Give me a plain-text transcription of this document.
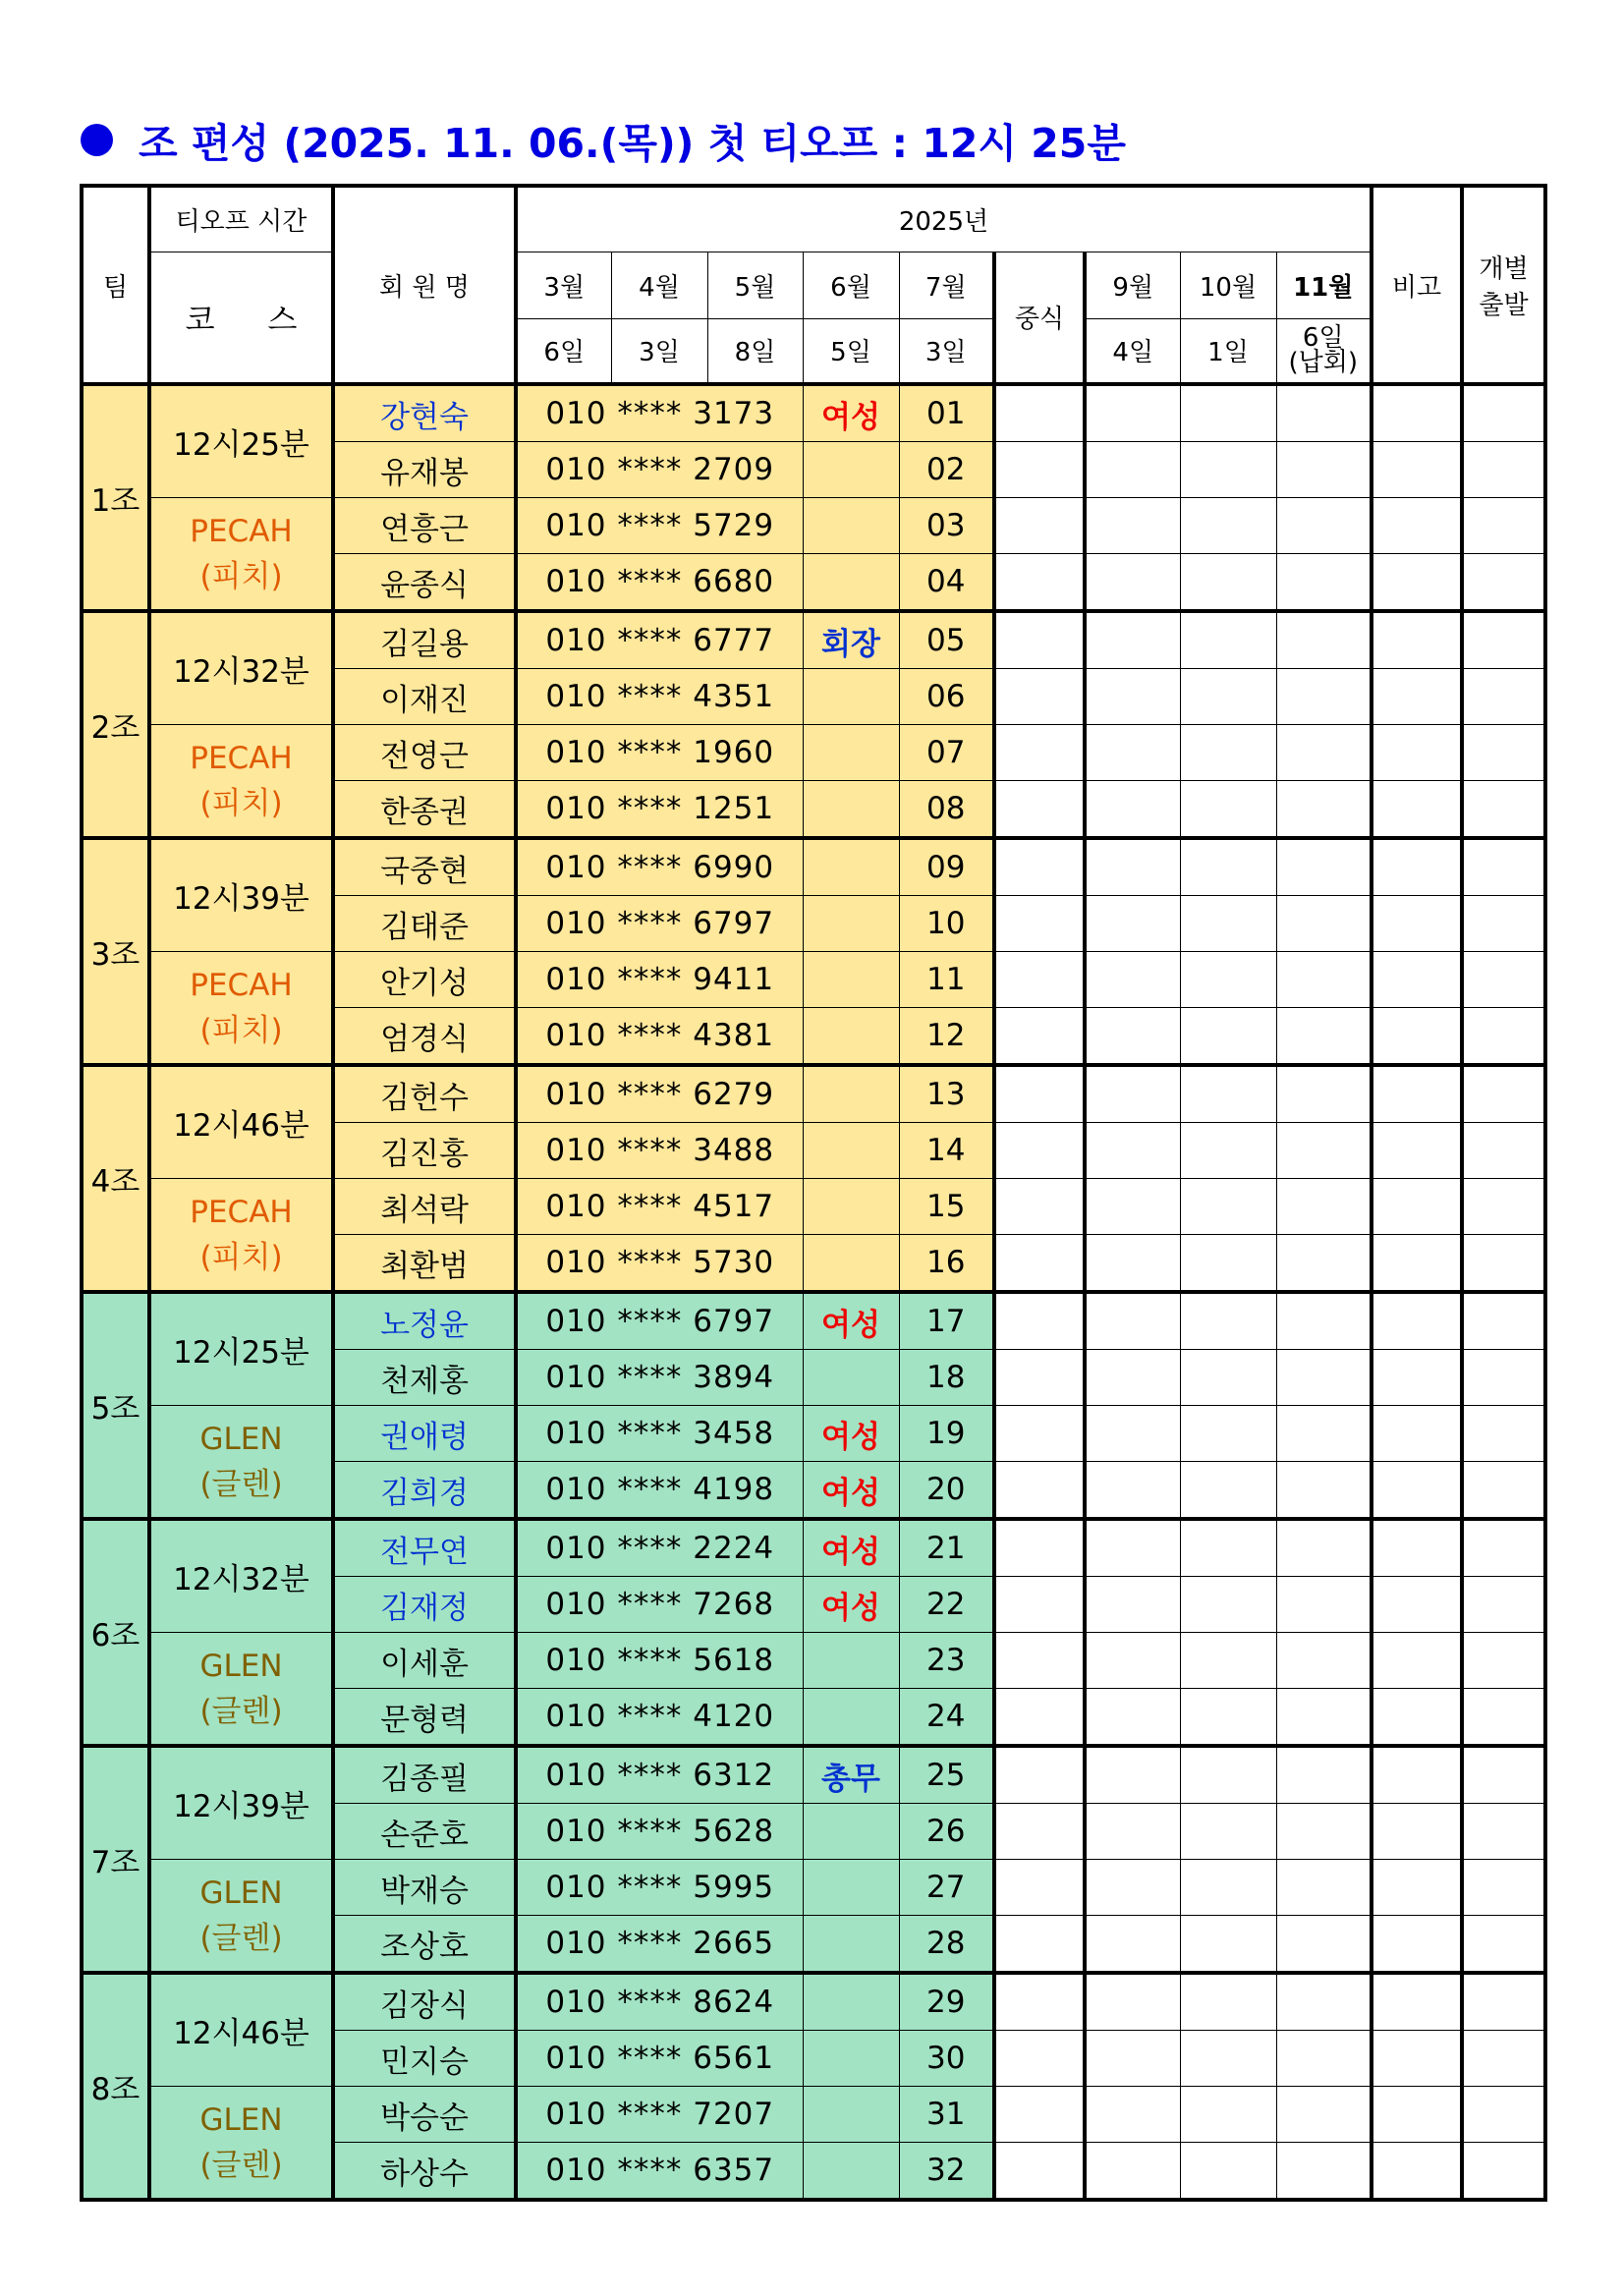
조 편성 (2025. 11. 06.(목)) 첫 티오프 : 12시 25분
팀	티오프 시간	회 원 명	2025년									비고	개별
출발

	코 스		3월	4월	5월	6월	7월	중식	9월	10월	11월		
			6일	3일	8일	5일	3일		4일	1일	6일
(납회)		

1조	12시25분	강현숙	010 **** 3173			여성	01						
		유재봉	010 **** 2709				02						

	PECAH
(피치)	연흥근	010 **** 5729				03						
		윤종식	010 **** 6680				04						
2조	12시32분	김길용	010 **** 6777			회장	05						
		이재진	010 **** 4351				06						

	PECAH
(피치)	전영근	010 **** 1960				07						
		한종권	010 **** 1251				08						
3조	12시39분	국중현	010 **** 6990				09						
		김태준	010 **** 6797				10						

	PECAH
(피치)	안기성	010 **** 9411				11						
		엄경식	010 **** 4381				12						
4조	12시46분	김헌수	010 **** 6279				13						
		김진홍	010 **** 3488				14						

	PECAH
(피치)	최석락	010 **** 4517				15						
		최환범	010 **** 5730				16						
5조	12시25분	노정윤	010 **** 6797			여성	17						
		천제홍	010 **** 3894				18						

	GLEN
(글렌)	권애령	010 **** 3458			여성	19						
		김희경	010 **** 4198			여성	20						
6조	12시32분	전무연	010 **** 2224			여성	21						
		김재정	010 **** 7268			여성	22						

	GLEN
(글렌)	이세훈	010 **** 5618				23						
		문형력	010 **** 4120				24						
7조	12시39분	김종필	010 **** 6312			총무	25						
		손준호	010 **** 5628				26						

	GLEN
(글렌)	박재승	010 **** 5995				27						
		조상호	010 **** 2665				28						
8조	12시46분	김장식	010 **** 8624				29						
		민지승	010 **** 6561				30						

	GLEN
(글렌)	박승순	010 **** 7207				31						
		하상수	010 **** 6357				32						
